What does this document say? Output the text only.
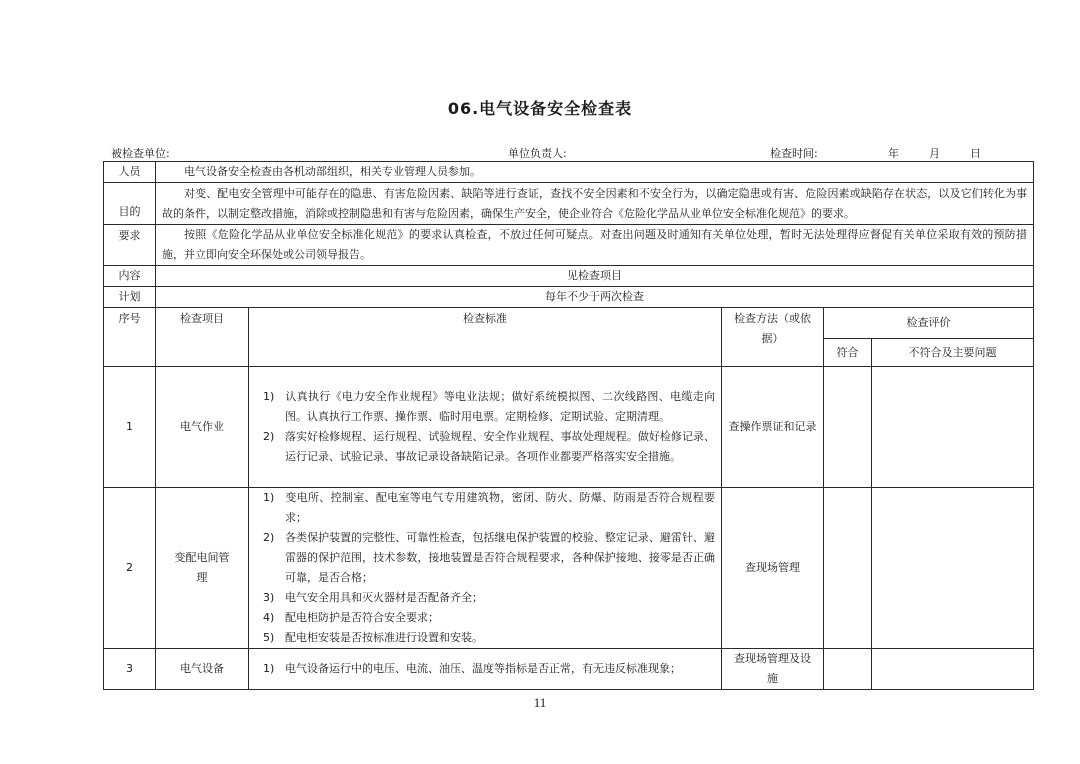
06.电气设备安全检查表
被检查单位:	单位负责人:	检查时间:	年	月	日
人员	电气设备安全检查由各机动部组织，相关专业管理人员参加。				
目的	对变、配电安全管理中可能存在的隐患、有害危险因素、缺陷等进行查证，查找不安全因素和不安全行为，以确定隐患或有害、危险因素或缺陷存在状态，以及它们转化为事故的条件，以制定整改措施，消除或控制隐患和有害与危险因素，确保生产安全，使企业符合《危险化学品从业单位安全标准化规范》的要求。				
要求	按照《危险化学品从业单位安全标准化规范》的要求认真检查，不放过任何可疑点。对查出问题及时通知有关单位处理，暂时无法处理得应督促有关单位采取有效的预防措施，并立即向安全环保处或公司领导报告。				
内容	见检查项目				
计划	每年不少于两次检查				
序号	检查项目	检查标准	检查方法（或依据）	检查评价	
				符合	不符合及主要问题
1	电气作业	1) 认真执行《电力安全作业规程》等电业法规；做好系统模拟图、二次线路图、电缆走向图。认真执行工作票、操作票、临时用电票。定期检修、定期试验、定期清理。

2) 落实好检修规程、运行规程、试验规程、安全作业规程、事故处理规程。做好检修记录、运行记录、试验记录、事故记录设备缺陷记录。各项作业都要严格落实安全措施。	查操作票证和记录		
2	变配电间管理	1) 变电所、控制室、配电室等电气专用建筑物，密闭、防火、防爆、防雨是否符合规程要求；

2) 各类保护装置的完整性、可靠性检查，包括继电保护装置的校验、整定记录、避雷针、避雷器的保护范围，技术参数，接地装置是否符合规程要求，各种保护接地、接零是否正确可靠，是否合格；

3) 电气安全用具和灭火器材是否配备齐全；

4) 配电柜防护是否符合安全要求；

5) 配电柜安装是否按标准进行设置和安装。	查现场管理		
3	电气设备	1) 电气设备运行中的电压、电流、油压、温度等指标是否正常，有无违反标准现象；	查现场管理及设施		
11
